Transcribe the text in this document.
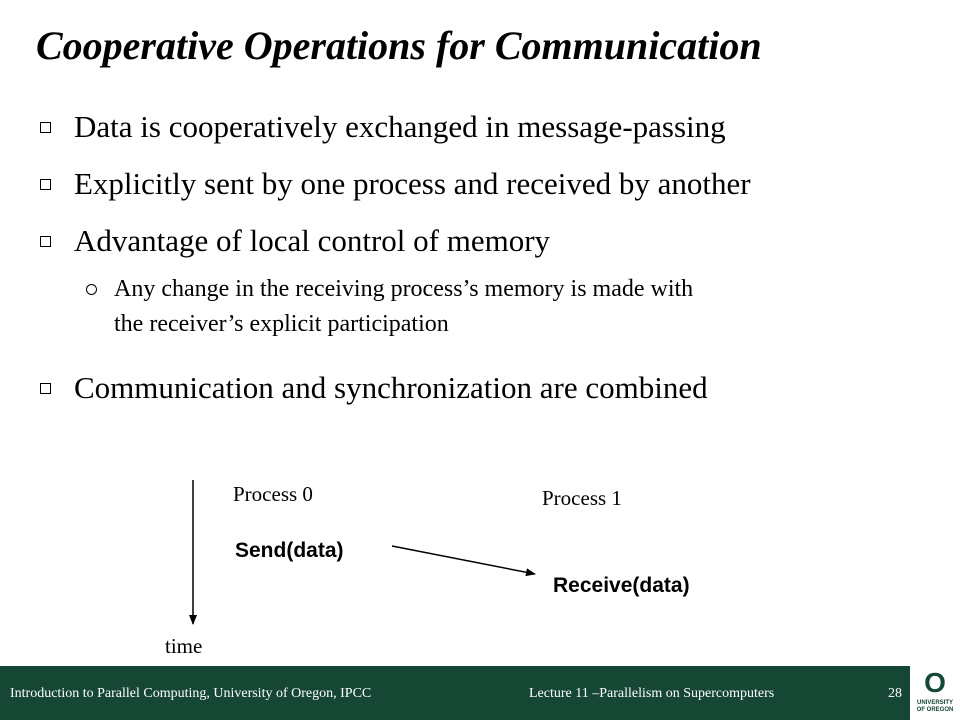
Cooperative Operations for Communication
Data is cooperatively exchanged in message-passing
Explicitly sent by one process and received by another
Advantage of local control of memory
Any change in the receiving process’s memory is made with
the receiver’s explicit participation
Communication and synchronization are combined
Process 0	Process 1
Send(data)
Receive(data)
time
Introduction to Parallel Computing, University of Oregon, IPCC	Lecture 11 –Parallelism on Supercomputers	28 O
UNIVERSITY
OF OREGON
